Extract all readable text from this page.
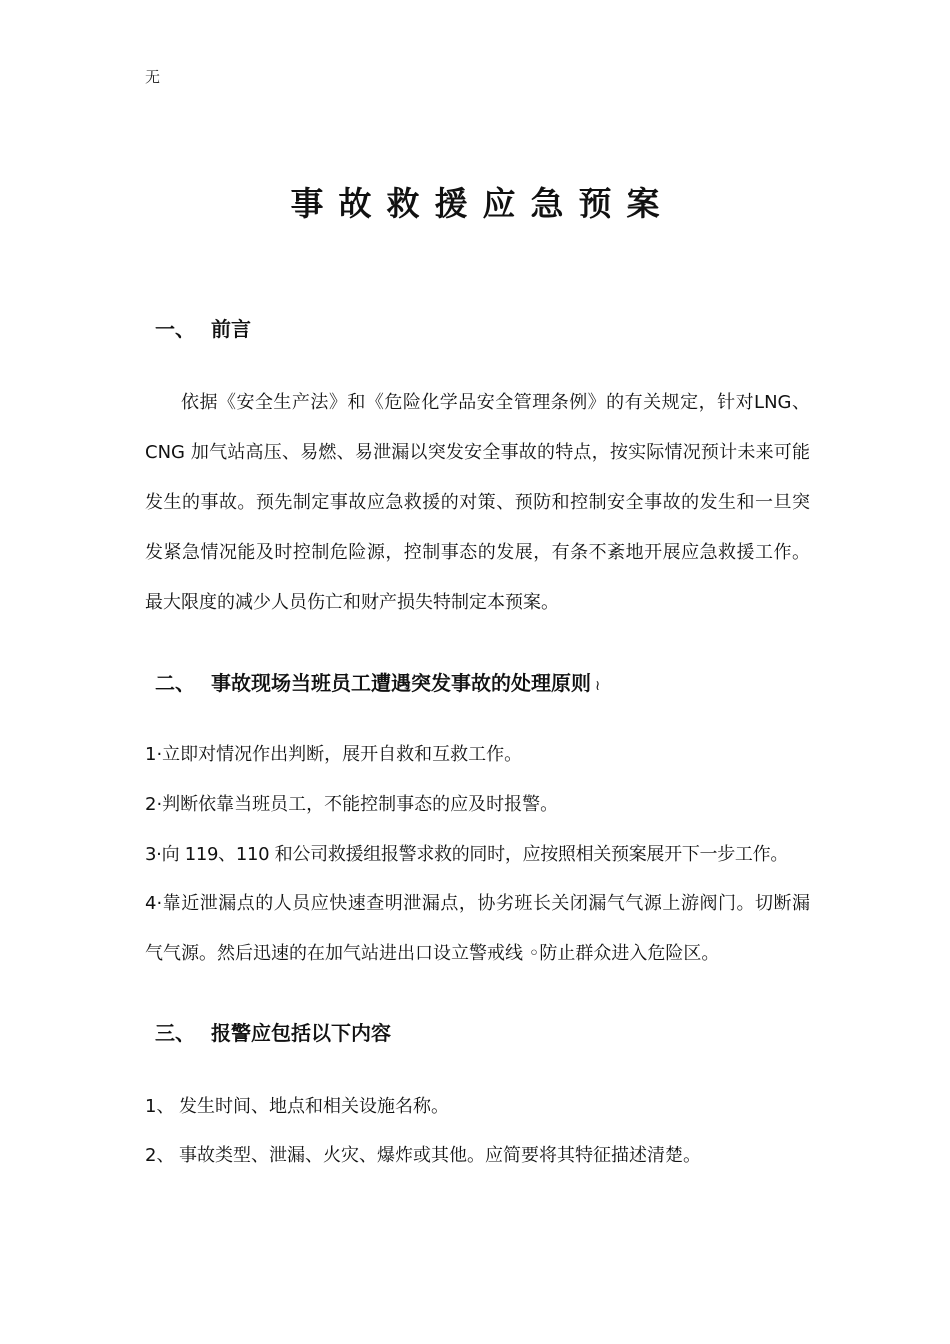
无
事故救援应急预案
一、 前言
依据《安全生产法》和《危险化学品安全管理条例》的有关规定，针对LNG、CNG 加气站高压、易燃、易泄漏以突发安全事故的特点，按实际情况预计未来可能发生的事故。预先制定事故应急救援的对策、预防和控制安全事故的发生和一旦突发紧急情况能及时控制危险源，控制事态的发展，有条不紊地开展应急救援工作。最大限度的减少人员伤亡和财产损失特制定本预案。
二、 事故现场当班员工遭遇突发事故的处理原则 ≀
1·立即对情况作出判断，展开自救和互救工作。
2·判断依靠当班员工，不能控制事态的应及时报警。
3·向 119、110 和公司救援组报警求救的同时，应按照相关预案展开下一步工作。
4·靠近泄漏点的人员应快速查明泄漏点，协劣班长关闭漏气气源上游阀门。切断漏气气源。然后迅速的在加气站进出口设立警戒线 ◦防止群众进入危险区。
三、 报警应包括以下内容
1、 发生时间、地点和相关设施名称。
2、 事故类型、泄漏、火灾、爆炸或其他。应简要将其特征描述清楚。
